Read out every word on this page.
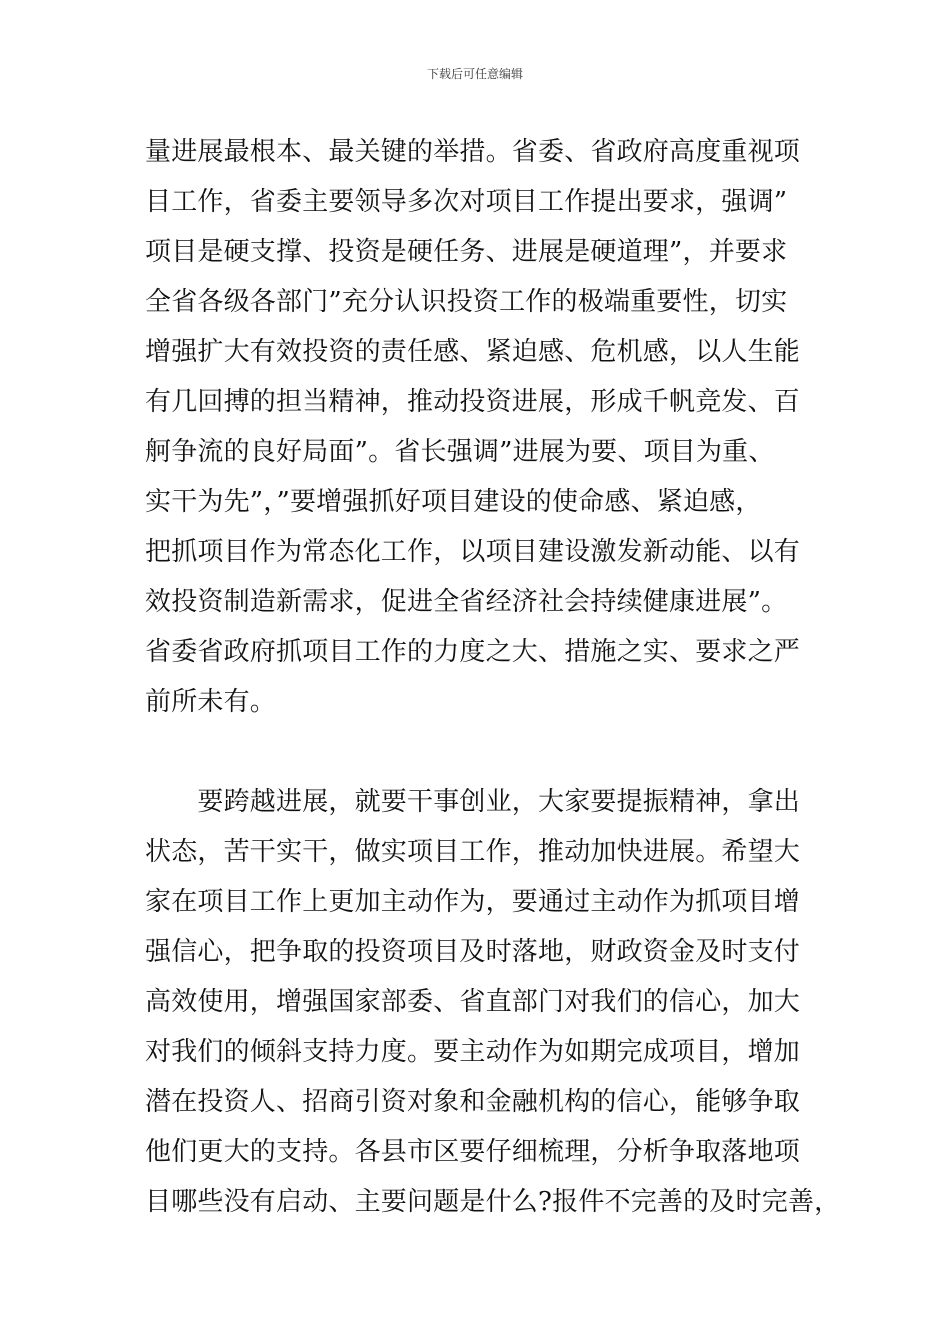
下载后可任意编辑
量进展最根本、最关键的举措。省委、省政府高度重视项
目工作，省委主要领导多次对项目工作提出要求，强调”
项目是硬支撑、投资是硬任务、进展是硬道理”，并要求
全省各级各部门”充分认识投资工作的极端重要性，切实
增强扩大有效投资的责任感、紧迫感、危机感，以人生能
有几回搏的担当精神，推动投资进展，形成千帆竞发、百
舸争流的良好局面”。省长强调”进展为要、项目为重、
实干为先”，”要增强抓好项目建设的使命感、紧迫感，
把抓项目作为常态化工作，以项目建设激发新动能、以有
效投资制造新需求，促进全省经济社会持续健康进展”。
省委省政府抓项目工作的力度之大、措施之实、要求之严
前所未有。
　　要跨越进展，就要干事创业，大家要提振精神，拿出
状态，苦干实干，做实项目工作，推动加快进展。希望大
家在项目工作上更加主动作为，要通过主动作为抓项目增
强信心，把争取的投资项目及时落地，财政资金及时支付
高效使用，增强国家部委、省直部门对我们的信心，加大
对我们的倾斜支持力度。要主动作为如期完成项目，增加
潜在投资人、招商引资对象和金融机构的信心，能够争取
他们更大的支持。各县市区要仔细梳理，分析争取落地项
目哪些没有启动、主要问题是什么?报件不完善的及时完善，
